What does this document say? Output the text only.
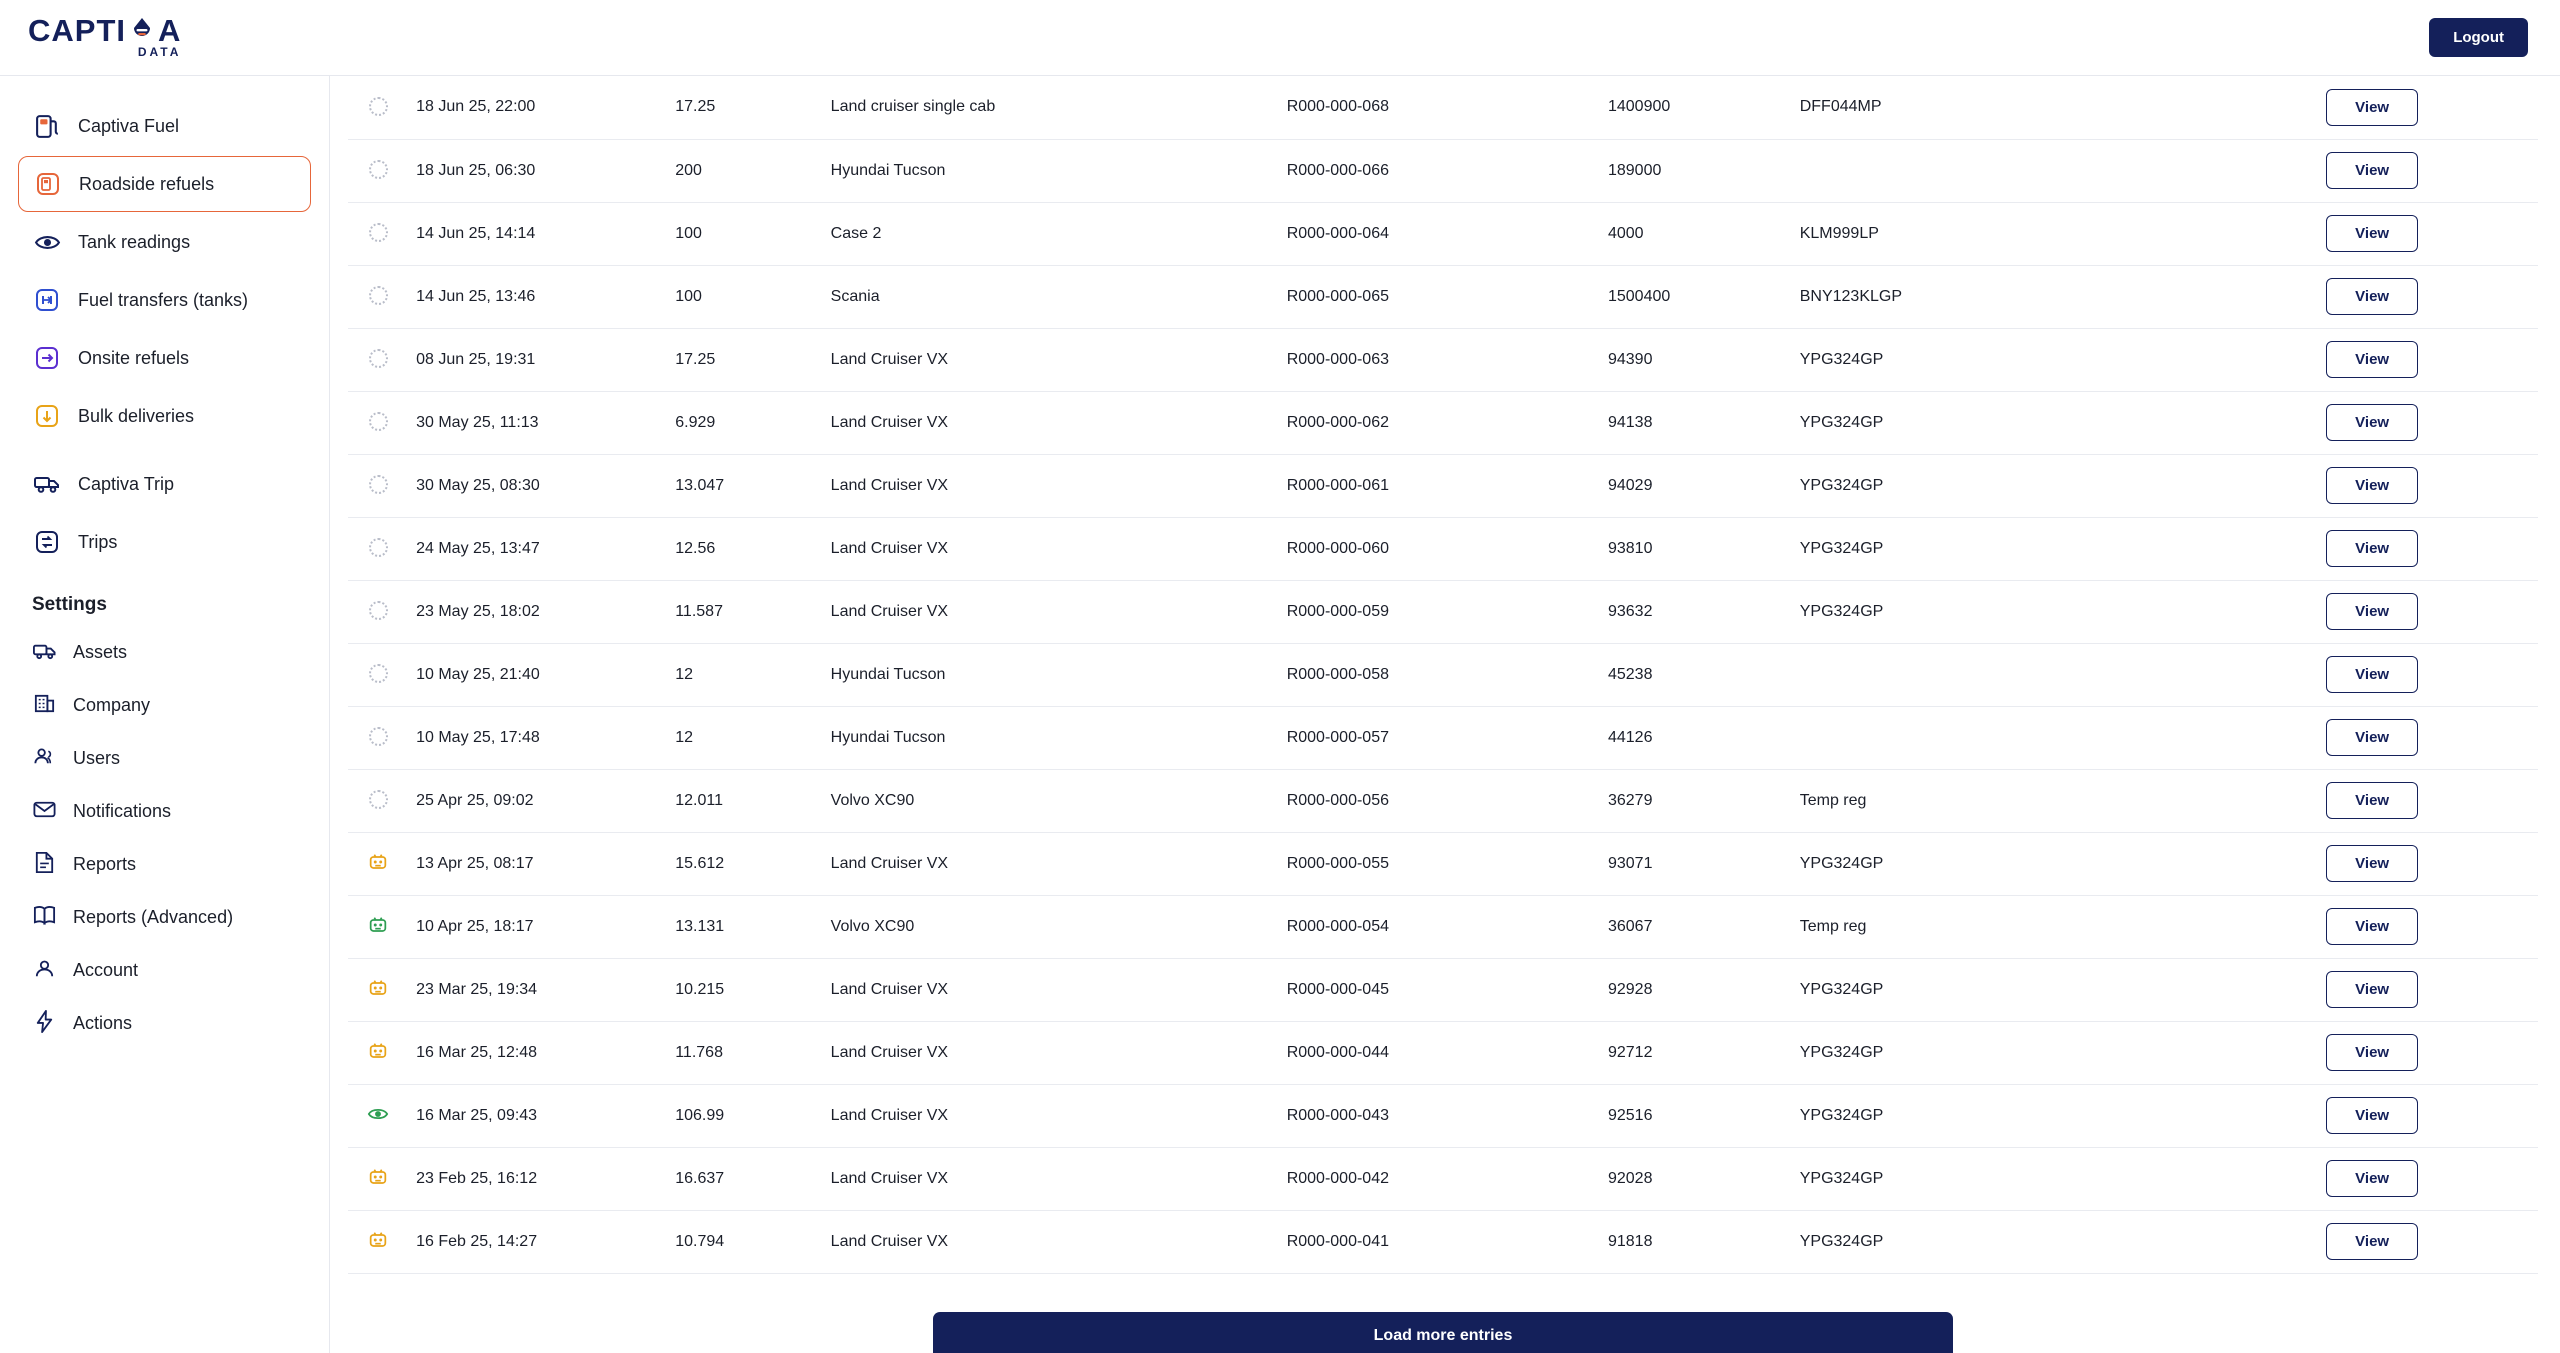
CAPTI A
DATA
Logout
Captiva Fuel
Roadside refuels
Tank readings
Fuel transfers (tanks)
Onsite refuels
Bulk deliveries
Captiva Trip
Trips
Settings
Assets
Company
Users
Notifications
Reports
Reports (Advanced)
Account
Actions
	18 Jun 25, 22:00	17.25	Land cruiser single cab	R000-000-068	1400900	DFF044MP	View

	18 Jun 25, 06:30	200	Hyundai Tucson	R000-000-066	189000		View

	14 Jun 25, 14:14	100	Case 2	R000-000-064	4000	KLM999LP	View

	14 Jun 25, 13:46	100	Scania	R000-000-065	1500400	BNY123KLGP	View

	08 Jun 25, 19:31	17.25	Land Cruiser VX	R000-000-063	94390	YPG324GP	View

	30 May 25, 11:13	6.929	Land Cruiser VX	R000-000-062	94138	YPG324GP	View

	30 May 25, 08:30	13.047	Land Cruiser VX	R000-000-061	94029	YPG324GP	View

	24 May 25, 13:47	12.56	Land Cruiser VX	R000-000-060	93810	YPG324GP	View

	23 May 25, 18:02	11.587	Land Cruiser VX	R000-000-059	93632	YPG324GP	View

	10 May 25, 21:40	12	Hyundai Tucson	R000-000-058	45238		View

	10 May 25, 17:48	12	Hyundai Tucson	R000-000-057	44126		View

	25 Apr 25, 09:02	12.011	Volvo XC90	R000-000-056	36279	Temp reg	View

	13 Apr 25, 08:17	15.612	Land Cruiser VX	R000-000-055	93071	YPG324GP	View

	10 Apr 25, 18:17	13.131	Volvo XC90	R000-000-054	36067	Temp reg	View

	23 Mar 25, 19:34	10.215	Land Cruiser VX	R000-000-045	92928	YPG324GP	View

	16 Mar 25, 12:48	11.768	Land Cruiser VX	R000-000-044	92712	YPG324GP	View

	16 Mar 25, 09:43	106.99	Land Cruiser VX	R000-000-043	92516	YPG324GP	View

	23 Feb 25, 16:12	16.637	Land Cruiser VX	R000-000-042	92028	YPG324GP	View

	16 Feb 25, 14:27	10.794	Land Cruiser VX	R000-000-041	91818	YPG324GP	View
Load more entries
